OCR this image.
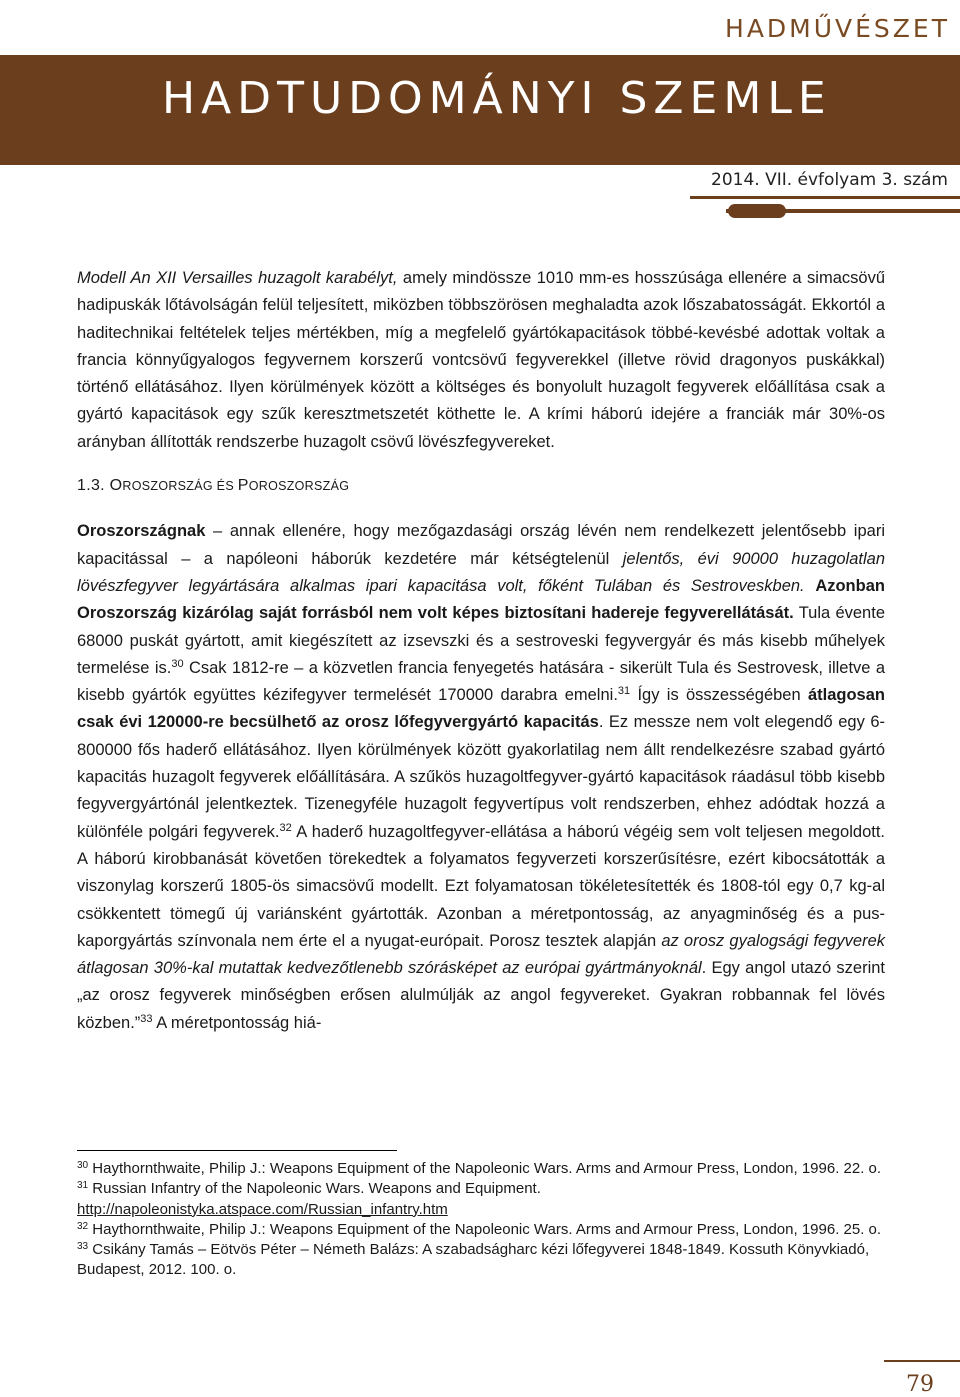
HADMŰVÉSZET
HADTUDOMÁNYI SZEMLE
2014. VII. évfolyam 3. szám

Modell An XII Versailles huzagolt karabélyt, amely mindössze 1010 mm-es hosszúsága ellenére a simacsövű hadipuskák lőtávolságán felül teljesített, miközben többszörösen meghaladta azok lőszabatosságát. Ekkortól a haditechnikai feltételek teljes mértékben, míg a megfelelő gyártókapacitások többé-kevésbé adottak voltak a francia könnyűgyalogos fegyvernem korszerű vontcsövű fegyverekkel (illetve rövid dragonyos puskákkal) történő ellátásához. Ilyen körülmények között a költséges és bonyolult huzagolt fegyverek előállítása csak a gyártó kapacitások egy szűk keresztmetszetét köthette le. A krími háború idejére a franciák már 30%-os arányban állították rendszerbe huzagolt csövű lövészfegyvereket.

1.3. OROSZORSZÁG ÉS POROSZORSZÁG

Oroszországnak – annak ellenére, hogy mezőgazdasági ország lévén nem rendelkezett jelentősebb ipari kapacitással – a napóleoni háborúk kezdetére már kétségtelenül jelentős, évi 90000 huzagolatlan lövészfegyver legyártására alkalmas ipari kapacitása volt, főként Tulában és Sestroveskben. Azonban Oroszország kizárólag saját forrásból nem volt képes biztosítani hadereje fegyverellátását. Tula évente 68000 puskát gyártott, amit kiegészített az izsevszki és a sestroveski fegyvergyár és más kisebb műhelyek termelése is.$^{30}$ Csak 1812-re – a közvetlen francia fenyegetés hatására - sikerült Tula és Sestrovesk, illetve a kisebb gyártók együttes kézifegyver termelését 170000 darabra emelni.$^{31}$ Így is összességében átlagosan csak évi 120000-re becsülhető az orosz lőfegyvergyártó kapacitás. Ez messze nem volt elegendő egy 6-800000 fős haderő ellátásához. Ilyen körülmények között gyakorlatilag nem állt rendelkezésre szabad gyártó kapacitás huzagolt fegyverek előállítására. A szűkös huzagoltfegyver-gyártó kapacitások ráadásul több kisebb fegyvergyártónál jelentkeztek. Tizenegyféle huzagolt fegyvertípus volt rendszerben, ehhez adódtak hozzá a különféle polgári fegyverek.$^{32}$ A haderő huzagoltfegyver-ellátása a háború végéig sem volt teljesen megoldott. A háború kirobbanását követően törekedtek a folyamatos fegyverzeti korszerűsítésre, ezért kibocsátották a viszonylag korszerű 1805-ös simacsövű modellt. Ezt folyamatosan tökéletesítették és 1808-tól egy 0,7 kg-al csökkentett tömegű új variánsként gyártották. Azonban a méretpontosság, az anyagminőség és a puskaporgyártás színvonala nem érte el a nyugat-európait. Porosz tesztek alapján az orosz gyalogsági fegyverek átlagosan 30%-kal mutattak kedvezőtlenebb szórásképet az európai gyártmányoknál. Egy angol utazó szerint „az orosz fegyverek minőségben erősen alulmúlják az angol fegyvereket. Gyakran robbannak fel lövés közben.”$^{33}$ A méretpontosság hiá-

$^{30}$ Haythornthwaite, Philip J.: Weapons Equipment of the Napoleonic Wars. Arms and Armour Press, London, 1996. 22. o.

$^{31}$ Russian Infantry of the Napoleonic Wars. Weapons and Equipment.
http://napoleonistyka.atspace.com/Russian_infantry.htm

$^{32}$ Haythornthwaite, Philip J.: Weapons Equipment of the Napoleonic Wars. Arms and Armour Press, London, 1996. 25. o.

$^{33}$ Csikány Tamás – Eötvös Péter – Németh Balázs: A szabadságharc kézi lőfegyverei 1848-1849. Kossuth Könyvkiadó, Budapest, 2012. 100. o.

79
